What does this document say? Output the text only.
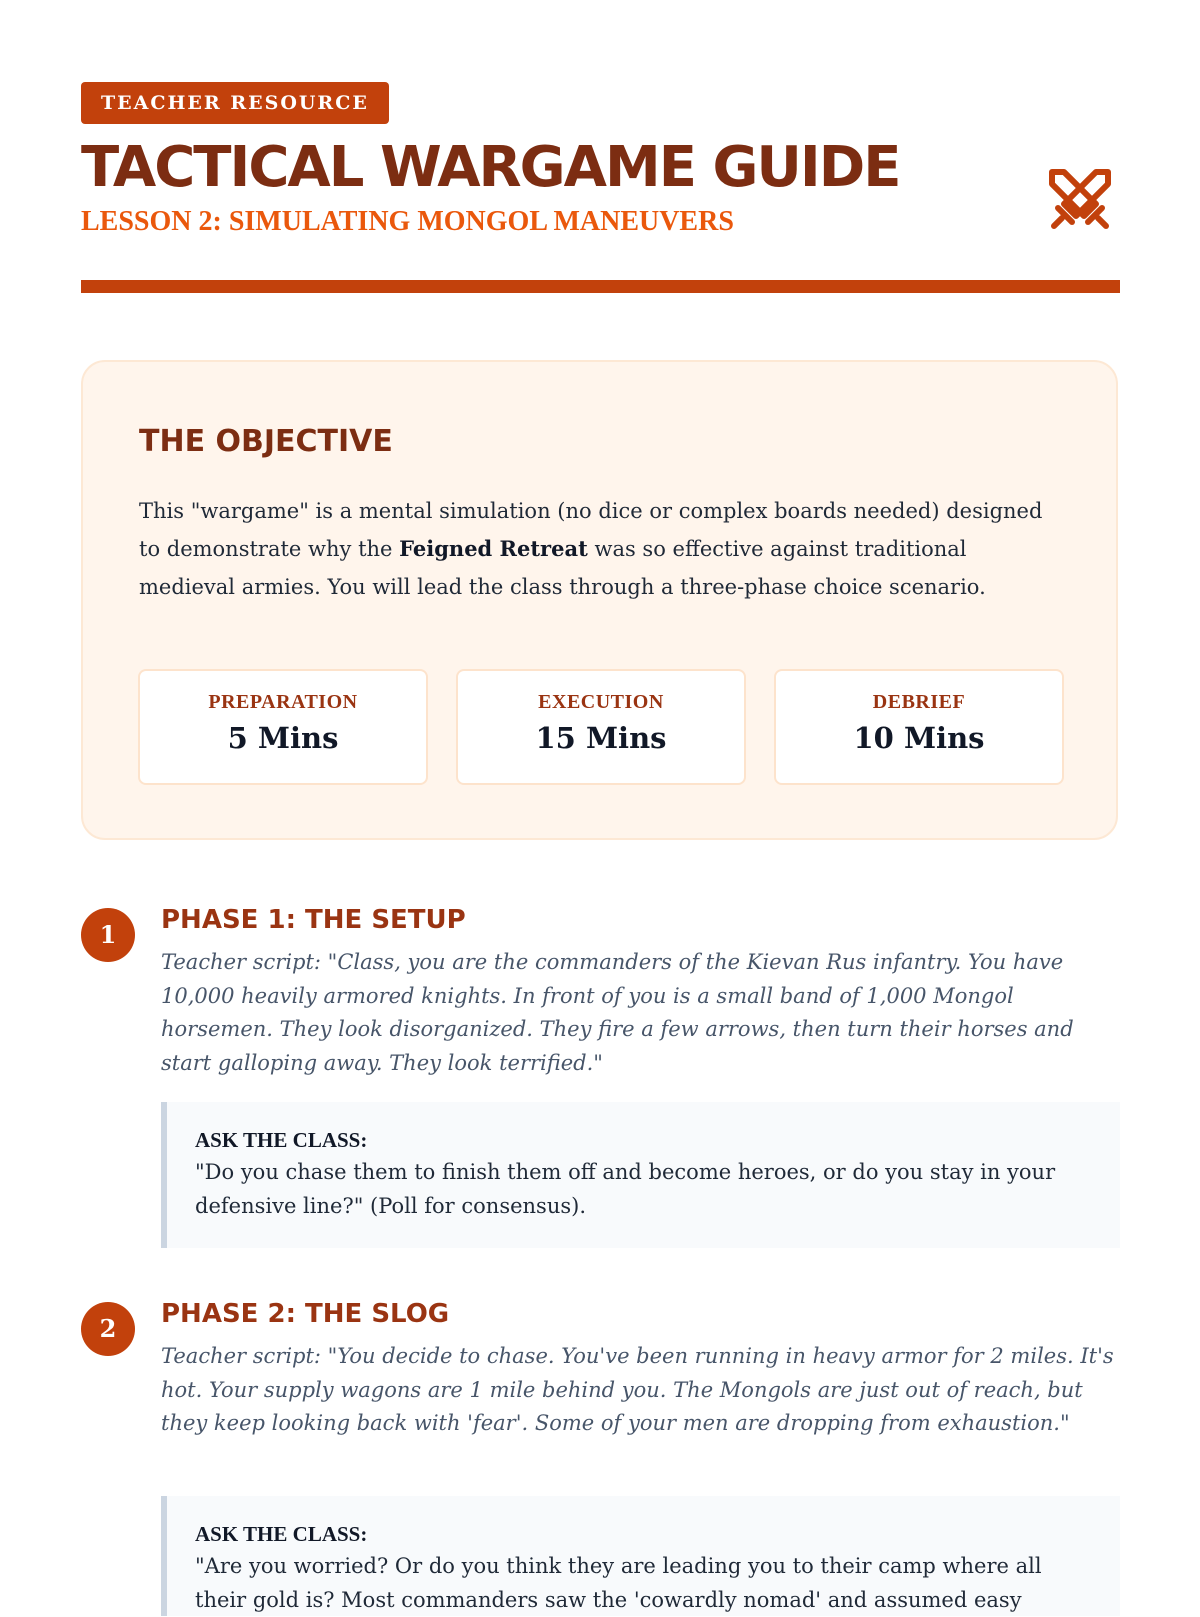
TEACHER RESOURCE
TACTICAL WARGAME GUIDE
LESSON 2: SIMULATING MONGOL MANEUVERS
THE OBJECTIVE

This "wargame" is a mental simulation (no dice or complex boards needed) designed to demonstrate why the Feigned Retreat was so effective against traditional medieval armies. You will lead the class through a three-phase choice scenario.

PREPARATION
5 Mins
EXECUTION
15 Mins
DEBRIEF
10 Mins
1	PHASE 1: THE SETUP

Teacher script: "Class, you are the commanders of the Kievan Rus infantry. You have 10,000 heavily armored knights. In front of you is a small band of 1,000 Mongol horsemen. They look disorganized. They fire a few arrows, then turn their horses and start galloping away. They look terrified."

ASK THE CLASS:

"Do you chase them to finish them off and become heroes, or do you stay in your defensive line?" (Poll for consensus).

2	PHASE 2: THE SLOG

Teacher script: "You decide to chase. You've been running in heavy armor for 2 miles. It's hot. Your supply wagons are 1 mile behind you. The Mongols are just out of reach, but they keep looking back with 'fear'. Some of your men are dropping from exhaustion."

ASK THE CLASS:

"Are you worried? Or do you think they are leading you to their camp where all their gold is? Most commanders saw the 'cowardly nomad' and assumed easy
